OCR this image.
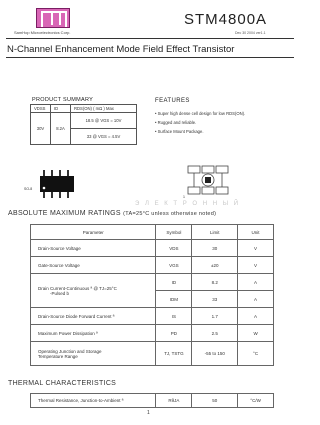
SamHop Microelectronics Corp.
STM4800A
Dec 30 2004 ver1.1
N-Channel Enhancement Mode Field Effect Transistor
PRODUCT SUMMARY
VDSS	ID	RDS(ON) ( mΩ ) Max
30V	8.2A	18.5 @ VGS = 10V
		33 @ VGS = 4.5V
FEATURES
• Super high dense cell design for low RDS(ON).
• Rugged and reliable.
• Surface Mount Package.
SO-8
1
Э Л Е К Т Р О Н Н Ы Й
ABSOLUTE MAXIMUM RATINGS (TA=25°C unless otherwise noted)
Parameter	Symbol	Limit	Unit
Drain-Source Voltage	VDS	30	V
Gate-Source Voltage	VGS	±20	V
Drain Current-Continuous ª @ TJ=25°C
-Pulsed b	ID	8.2	A
	IDM	33	A
Drain-Source Diode Forward Current ª	IS	1.7	A
Maximum Power Dissipation ª	PD	2.5	W
Operating Junction and Storage
Temperature Range	TJ, TSTG	-55 to 150	°C
THERMAL CHARACTERISTICS
Thermal Resistance, Junction-to-Ambient ª	RθJA	50	°C/W
1
